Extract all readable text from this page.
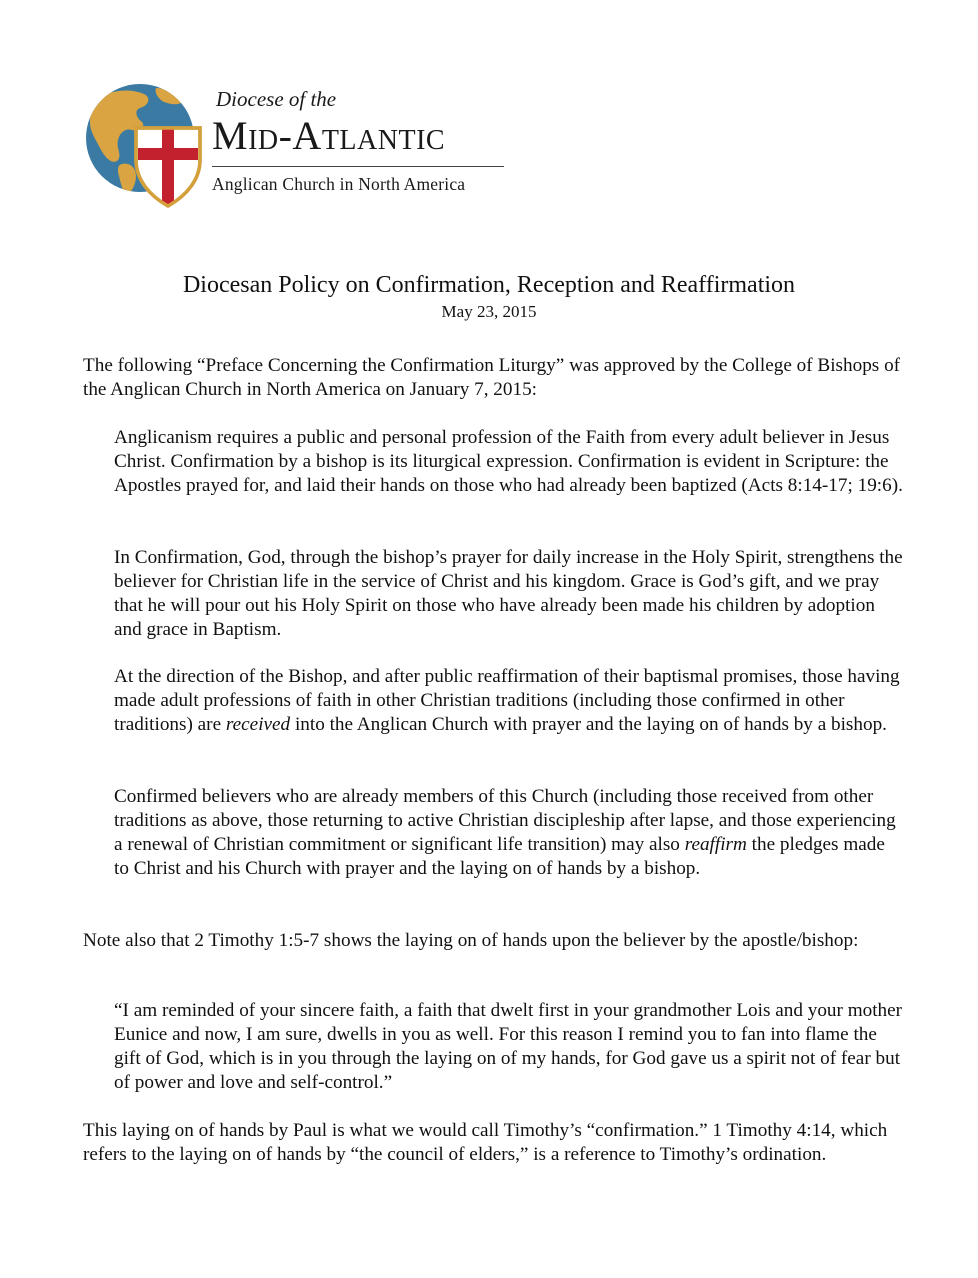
Diocese of the
Mid-Atlantic
Anglican Church in North America
Diocesan Policy on Confirmation, Reception and Reaffirmation
May 23, 2015

The following “Preface Concerning the Confirmation Liturgy” was approved by the College of Bishops of the Anglican Church in North America on January 7, 2015:

Anglicanism requires a public and personal profession of the Faith from every adult believer in Jesus Christ. Confirmation by a bishop is its liturgical expression. Confirmation is evident in Scripture: the Apostles prayed for, and laid their hands on those who had already been baptized (Acts 8:14-17; 19:6).

In Confirmation, God, through the bishop’s prayer for daily increase in the Holy Spirit, strengthens the believer for Christian life in the service of Christ and his kingdom. Grace is God’s gift, and we pray that he will pour out his Holy Spirit on those who have already been made his children by adoption and grace in Baptism.

At the direction of the Bishop, and after public reaffirmation of their baptismal promises, those having made adult professions of faith in other Christian traditions (including those confirmed in other traditions) are received into the Anglican Church with prayer and the laying on of hands by a bishop.

Confirmed believers who are already members of this Church (including those received from other traditions as above, those returning to active Christian discipleship after lapse, and those experiencing a renewal of Christian commitment or significant life transition) may also reaffirm the pledges made to Christ and his Church with prayer and the laying on of hands by a bishop.

Note also that 2 Timothy 1:5-7 shows the laying on of hands upon the believer by the apostle/bishop:

“I am reminded of your sincere faith, a faith that dwelt first in your grandmother Lois and your mother Eunice and now, I am sure, dwells in you as well. For this reason I remind you to fan into flame the gift of God, which is in you through the laying on of my hands, for God gave us a spirit not of fear but of power and love and self-control.”

This laying on of hands by Paul is what we would call Timothy’s “confirmation.” 1 Timothy 4:14, which refers to the laying on of hands by “the council of elders,” is a reference to Timothy’s ordination.
